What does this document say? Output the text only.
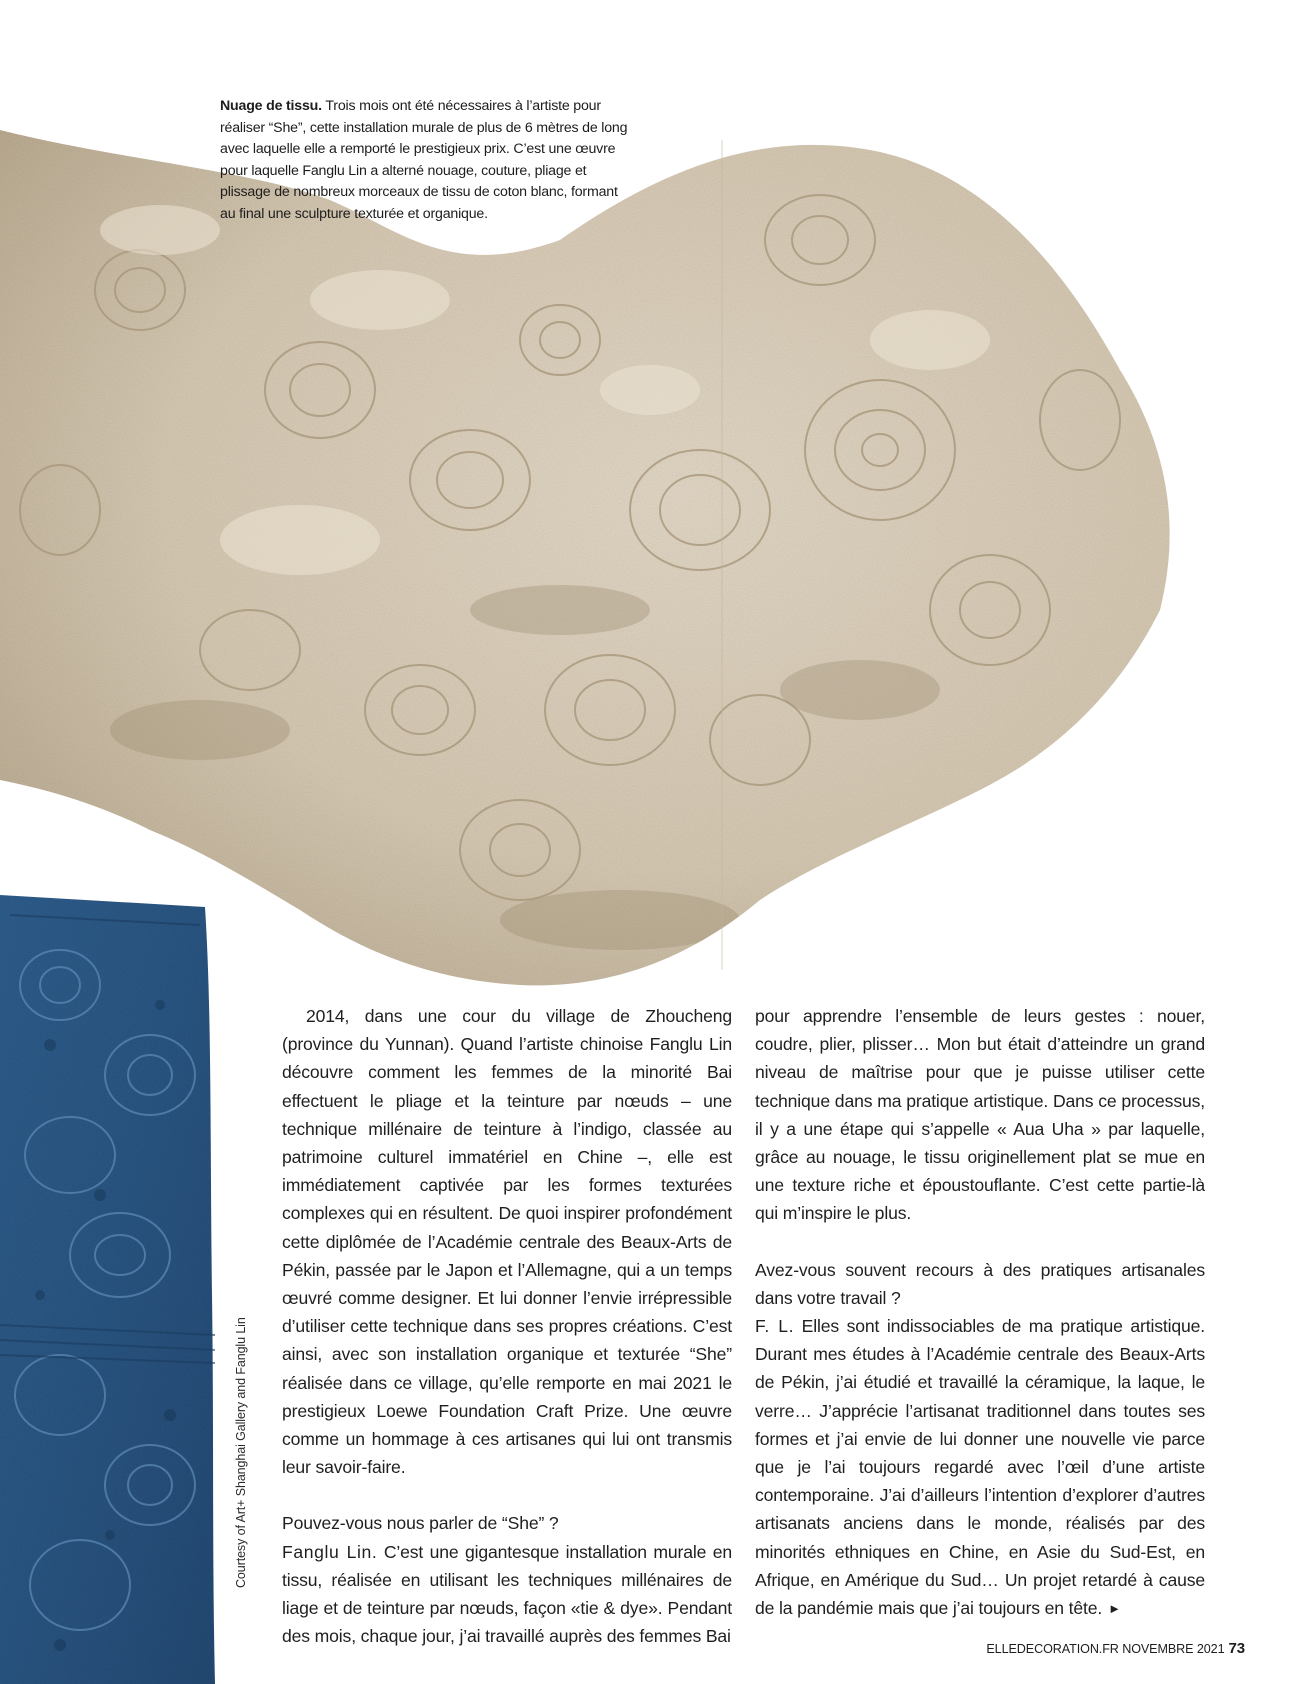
Nuage de tissu. Trois mois ont été nécessaires à l’artiste pour réaliser “She”, cette installation murale de plus de 6 mètres de long avec laquelle elle a remporté le prestigieux prix. C’est une œuvre pour laquelle Fanglu Lin a alterné nouage, couture, pliage et plissage de nombreux morceaux de tissu de coton blanc, formant au final une sculpture texturée et organique.
Courtesy of Art+ Shanghai Gallery and Fanglu Lin

2014, dans une cour du village de Zhoucheng (province du Yunnan). Quand l’artiste chinoise Fanglu Lin découvre comment les femmes de la minorité Bai effectuent le pliage et la teinture par nœuds – une technique millénaire de teinture à l’indigo, classée au patrimoine culturel immatériel en Chine –, elle est immédiatement captivée par les formes texturées complexes qui en résultent. De quoi inspirer profondément cette diplômée de l’Académie centrale des Beaux-Arts de Pékin, passée par le Japon et l’Allemagne, qui a un temps œuvré comme designer. Et lui donner l’envie irrépressible d’utiliser cette technique dans ses propres créations. C’est ainsi, avec son installation organique et texturée “She” réalisée dans ce village, qu’elle remporte en mai 2021 le prestigieux Loewe Foundation Craft Prize. Une œuvre comme un hommage à ces artisanes qui lui ont transmis leur savoir-faire.

Pouvez-vous nous parler de “She” ?

Fanglu Lin. C’est une gigantesque installation murale en tissu, réalisée en utilisant les techniques millénaires de liage et de teinture par nœuds, façon «tie & dye». Pendant des mois, chaque jour, j’ai travaillé auprès des femmes Bai

pour apprendre l’ensemble de leurs gestes : nouer, coudre, plier, plisser… Mon but était d’atteindre un grand niveau de maîtrise pour que je puisse utiliser cette technique dans ma pratique artistique. Dans ce processus, il y a une étape qui s’appelle « Aua Uha » par laquelle, grâce au nouage, le tissu originellement plat se mue en une texture riche et époustouflante. C’est cette partie-là qui m’inspire le plus.

Avez-vous souvent recours à des pratiques artisanales dans votre travail ?

F. L. Elles sont indissociables de ma pratique artistique. Durant mes études à l’Académie centrale des Beaux-Arts de Pékin, j’ai étudié et travaillé la céramique, la laque, le verre… J’apprécie l’artisanat traditionnel dans toutes ses formes et j’ai envie de lui donner une nouvelle vie parce que je l’ai toujours regardé avec l’œil d’une artiste contemporaine. J’ai d’ailleurs l’intention d’explorer d’autres artisanats anciens dans le monde, réalisés par des minorités ethniques en Chine, en Asie du Sud-Est, en Afrique, en Amérique du Sud… Un projet retardé à cause de la pandémie mais que j’ai toujours en tête. ►

ELLEDECORATION.FR NOVEMBRE 2021 73
